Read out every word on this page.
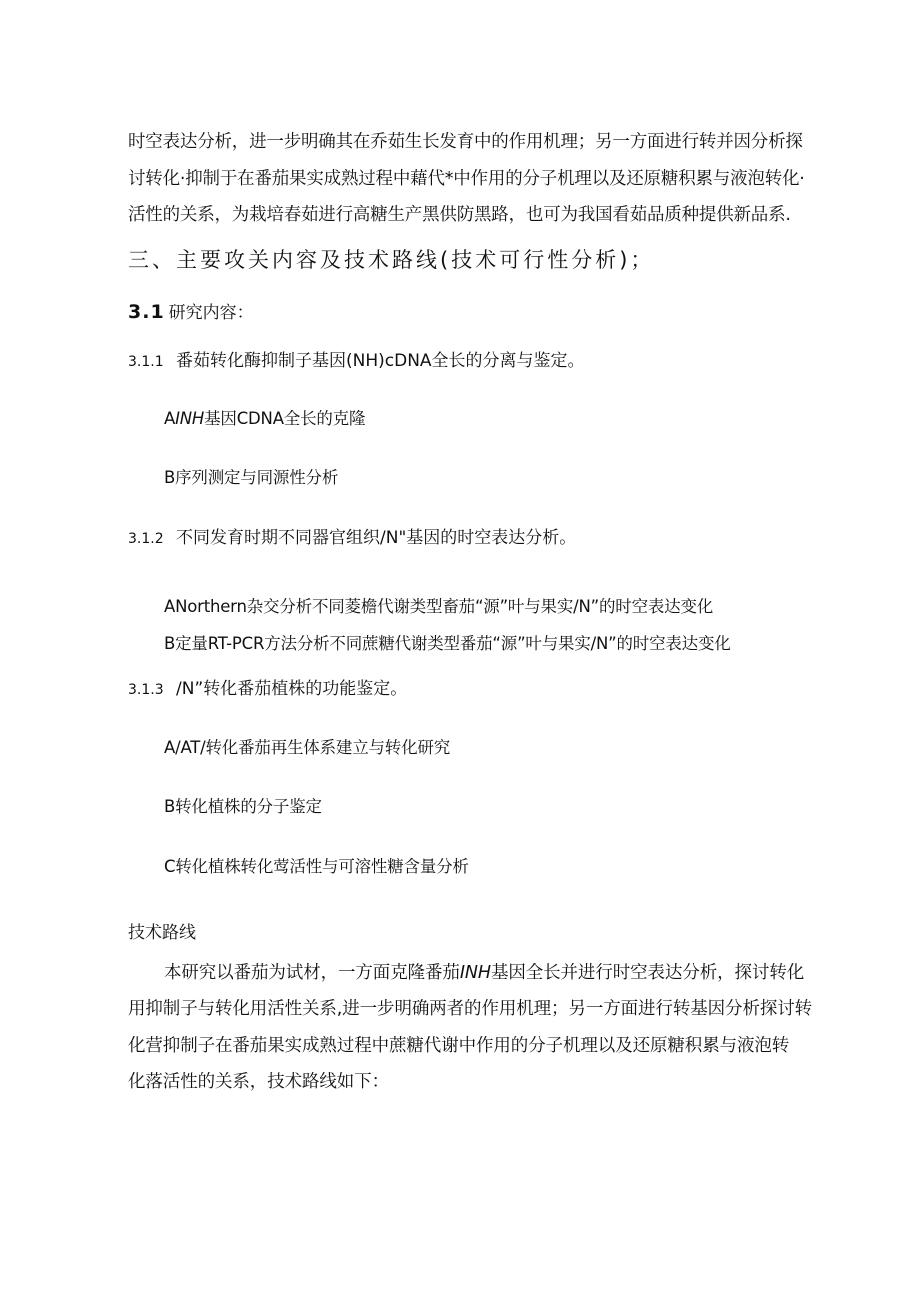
时空表达分析，进一步明确其在乔茹生长发育中的作用机理；另一方面进行转并因分析探
讨转化·抑制于在番茄果实成熟过程中藉代*中作用的分子机理以及还原糖积累与液泡转化·
活性的关系，为栽培春茹进行高糖生产黑供防黑路，也可为我国看茹品质种提供新品系.
三、主要攻关内容及技术路线(技术可行性分析)；
3.1 研究内容：
3.1.1 番茹转化酶抑制子基因(NH)cDNA全长的分离与鉴定。
AINH基因CDNA全长的克隆
B序列测定与同源性分析
3.1.2 不同发育时期不同器官组织/N"基因的时空表达分析。
ANorthern杂交分析不同菱檐代谢类型畜茄“源”叶与果实/N”的时空表达变化
B定量RT-PCR方法分析不同蔗糖代谢类型番茄“源”叶与果实/N”的时空表达变化
3.1.3 /N”转化番茄植株的功能鉴定。
A/AT/转化番茄再生体系建立与转化研究
B转化植株的分子鉴定
C转化植株转化莺活性与可溶性糖含量分析
技术路线
本研究以番茄为试材，一方面克隆番茄INH基因全长并进行时空表达分析，探讨转化
用抑制子与转化用活性关系,进一步明确两者的作用机理；另一方面进行转基因分析探讨转
化营抑制子在番茄果实成熟过程中蔗糖代谢中作用的分子机理以及还原糖积累与液泡转
化落活性的关系，技术路线如下：
